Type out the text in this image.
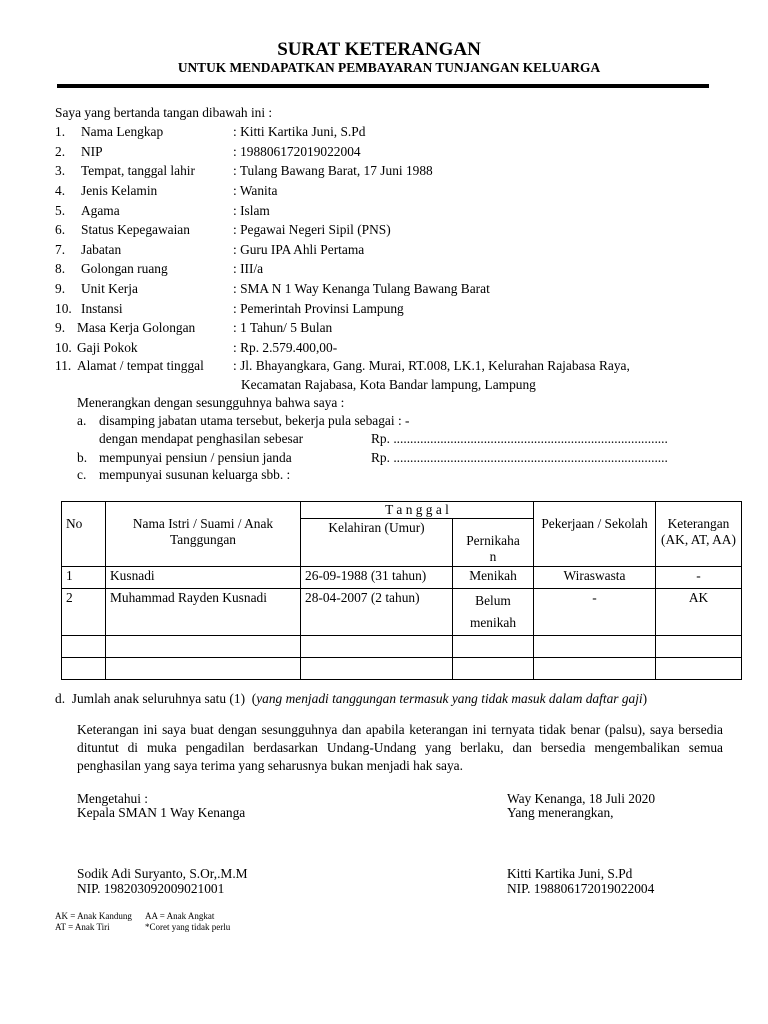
SURAT KETERANGAN
UNTUK MENDAPATKAN PEMBAYARAN TUNJANGAN KELUARGA
Saya yang bertanda tangan dibawah ini :
1. Nama Lengkap	: Kitti Kartika Juni, S.Pd
2. NIP	: 198806172019022004
3. Tempat, tanggal lahir	: Tulang Bawang Barat, 17 Juni 1988
4. Jenis Kelamin	: Wanita
5. Agama	: Islam
6. Status Kepegawaian	: Pegawai Negeri Sipil (PNS)
7. Jabatan	: Guru IPA Ahli Pertama
8. Golongan ruang	: III/a
9. Unit Kerja	: SMA N 1 Way Kenanga Tulang Bawang Barat
10. Instansi	: Pemerintah Provinsi Lampung
9. Masa Kerja Golongan	: 1 Tahun/ 5 Bulan
10. Gaji Pokok	: Rp. 2.579.400,00-
11. Alamat / tempat tinggal : Jl. Bhayangkara, Gang. Murai, RT.008, LK.1, Kelurahan Rajabasa Raya,
Kecamatan Rajabasa, Kota Bandar lampung, Lampung
Menerangkan dengan sesungguhnya bahwa saya :
a. disamping jabatan utama tersebut, bekerja pula sebagai : -
dengan mendapat penghasilan sebesar	Rp. ..................................................................................
b. mempunyai pensiun / pensiun janda	Rp. ..................................................................................
c. mempunyai susunan keluarga sbb. :
No	Nama Istri / Suami / Anak Tanggungan	T a n g g a l		Pekerjaan / Sekolah	Keterangan (AK, AT, AA)
		Kelahiran (Umur)	Pernikaha
n		

1	Kusnadi	26-09-1988 (31 tahun)	Menikah	Wiraswasta	-
2	Muhammad Rayden Kusnadi	28-04-2007 (2 tahun)	Belum
menikah	-	AK

d. Jumlah anak seluruhnya satu (1) (yang menjadi tanggungan termasuk yang tidak masuk dalam daftar gaji)
Keterangan ini saya buat dengan sesungguhnya dan apabila keterangan ini ternyata tidak benar (palsu), saya bersedia dituntut di muka pengadilan berdasarkan Undang-Undang yang berlaku, dan bersedia mengembalikan semua penghasilan yang saya terima yang seharusnya bukan menjadi hak saya.
Mengetahui :
Kepala SMAN 1 Way Kenanga
Sodik Adi Suryanto, S.Or,.M.M
NIP. 198203092009021001
Way Kenanga, 18 Juli 2020
Yang menerangkan,
Kitti Kartika Juni, S.Pd
NIP. 198806172019022004
AK = Anak Kandung AA = Anak Angkat
AT = Anak Tiri	*Coret yang tidak perlu
